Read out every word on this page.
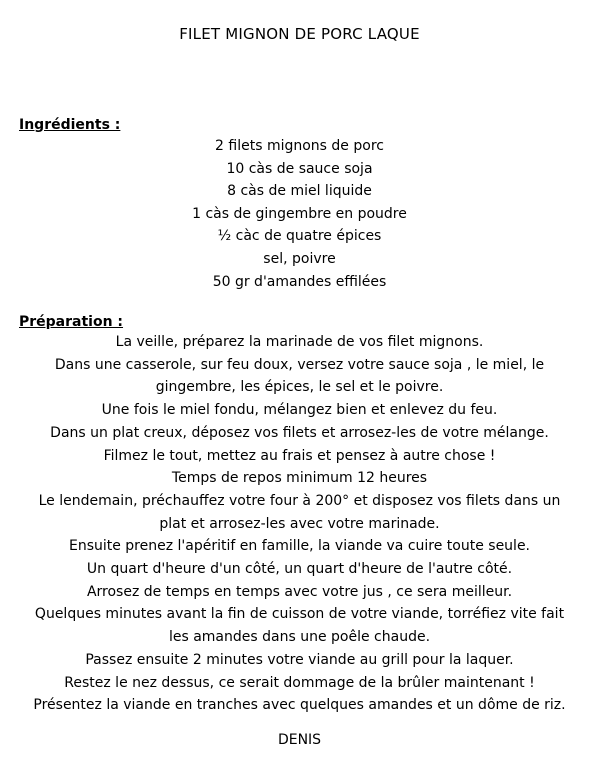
FILET MIGNON DE PORC LAQUE
Ingrédients :
2 filets mignons de porc
10 càs de sauce soja
8 càs de miel liquide
1 càs de gingembre en poudre
½ càc de quatre épices
sel, poivre
50 gr d'amandes effilées
Préparation :
La veille, préparez la marinade de vos filet mignons.
Dans une casserole, sur feu doux, versez votre sauce soja , le miel, le
gingembre, les épices, le sel et le poivre.
Une fois le miel fondu, mélangez bien et enlevez du feu.
Dans un plat creux, déposez vos filets et arrosez-les de votre mélange.
Filmez le tout, mettez au frais et pensez à autre chose !
Temps de repos minimum 12 heures
Le lendemain, préchauffez votre four à 200° et disposez vos filets dans un
plat et arrosez-les avec votre marinade.
Ensuite prenez l'apéritif en famille, la viande va cuire toute seule.
Un quart d'heure d'un côté, un quart d'heure de l'autre côté.
Arrosez de temps en temps avec votre jus , ce sera meilleur.
Quelques minutes avant la fin de cuisson de votre viande, torréfiez vite fait
les amandes dans une poêle chaude.
Passez ensuite 2 minutes votre viande au grill pour la laquer.
Restez le nez dessus, ce serait dommage de la brûler maintenant !
Présentez la viande en tranches avec quelques amandes et un dôme de riz.
DENIS
